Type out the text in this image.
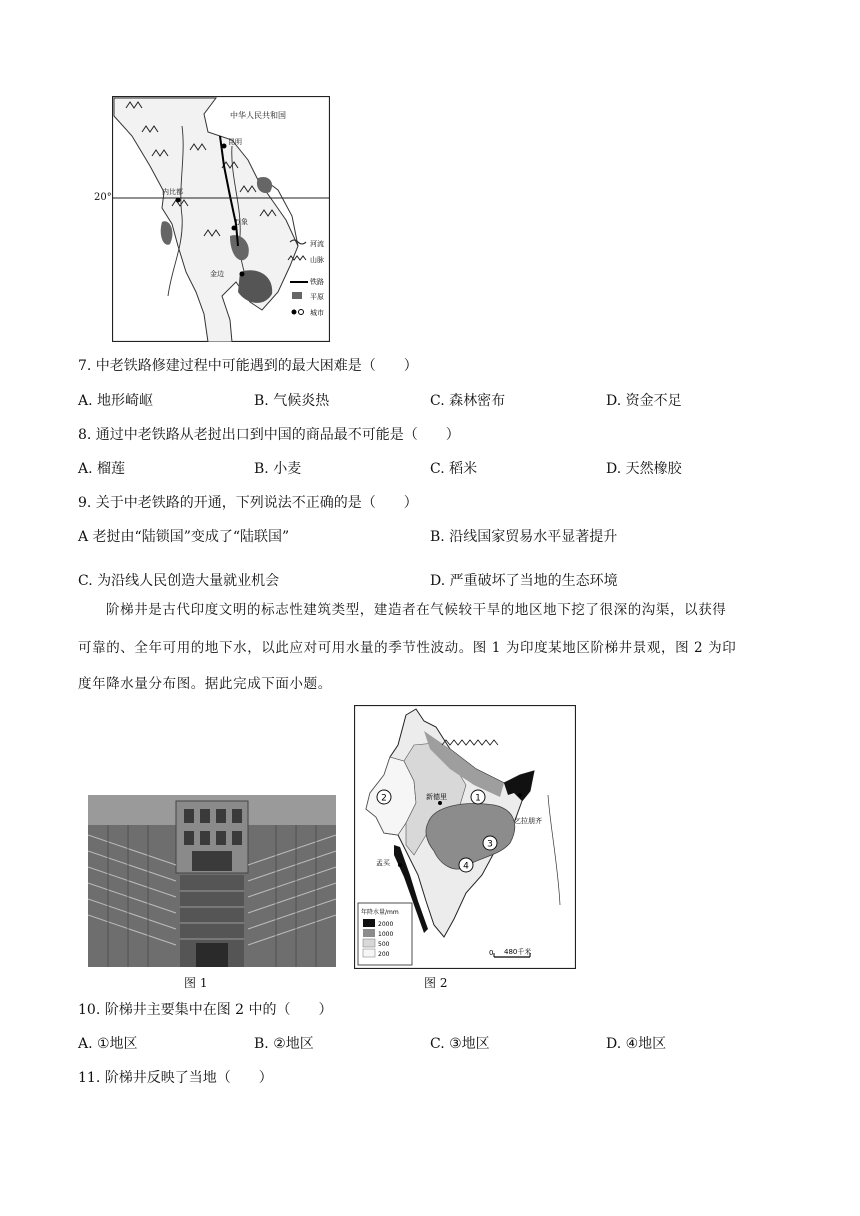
中华人民共和国
昆明
内比都
万象
金边
河流
山脉
铁路
平原
城市
20°
7. 中老铁路修建过程中可能遇到的最大困难是（　　）
A. 地形崎岖	B. 气候炎热	C. 森林密布	D. 资金不足
8. 通过中老铁路从老挝出口到中国的商品最不可能是（　　）
A. 榴莲	B. 小麦	C. 稻米	D. 天然橡胶
9. 关于中老铁路的开通，下列说法不正确的是（　　）
A 老挝由“陆锁国”变成了“陆联国”	B. 沿线国家贸易水平显著提升
C. 为沿线人民创造大量就业机会	D. 严重破坏了当地的生态环境
阶梯井是古代印度文明的标志性建筑类型，建造者在气候较干旱的地区地下挖了很深的沟渠，以获得
可靠的、全年可用的地下水，以此应对可用水量的季节性波动。图 1 为印度某地区阶梯井景观，图 2 为印
度年降水量分布图。据此完成下面小题。
图 1
2	1
3
4
新德里
孟买
乞拉朋齐
年降水量/mm
2000
1000
500
200	0 480千米
图 2
10. 阶梯井主要集中在图 2 中的（　　）
A. ①地区	B. ②地区	C. ③地区	D. ④地区
11. 阶梯井反映了当地（　　）
